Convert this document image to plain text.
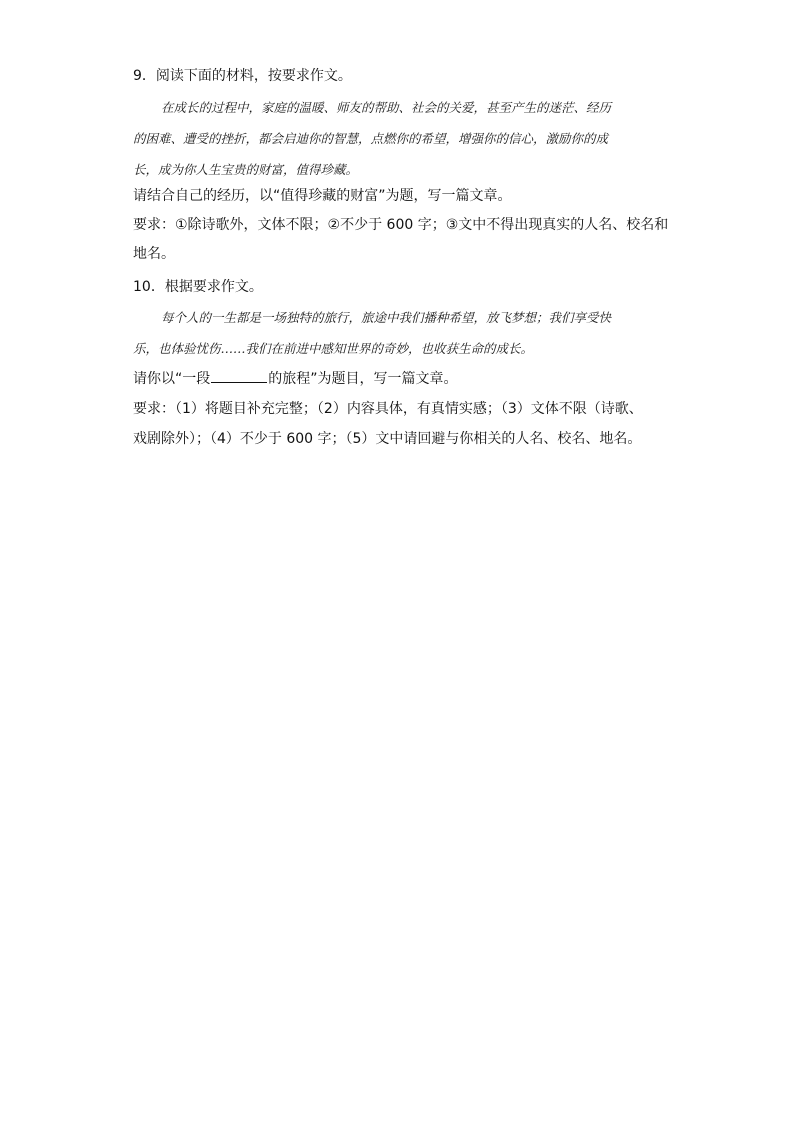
9．阅读下面的材料，按要求作文。

在成长的过程中，家庭的温暖、师友的帮助、社会的关爱，甚至产生的迷茫、经历
的困难、遭受的挫折，都会启迪你的智慧，点燃你的希望，增强你的信心，激励你的成
长，成为你人生宝贵的财富，值得珍藏。

请结合自己的经历，以“值得珍藏的财富”为题，写一篇文章。

要求：①除诗歌外，文体不限；②不少于 600 字；③文中不得出现真实的人名、校名和

地名。

10．根据要求作文。

每个人的一生都是一场独特的旅行，旅途中我们播种希望，放飞梦想；我们享受快
乐，也体验忧伤……我们在前进中感知世界的奇妙，也收获生命的成长。

请你以“一段	的旅程”为题目，写一篇文章。

要求：（1）将题目补充完整；（2）内容具体，有真情实感；（3）文体不限（诗歌、

戏剧除外）；（4）不少于 600 字；（5）文中请回避与你相关的人名、校名、地名。
